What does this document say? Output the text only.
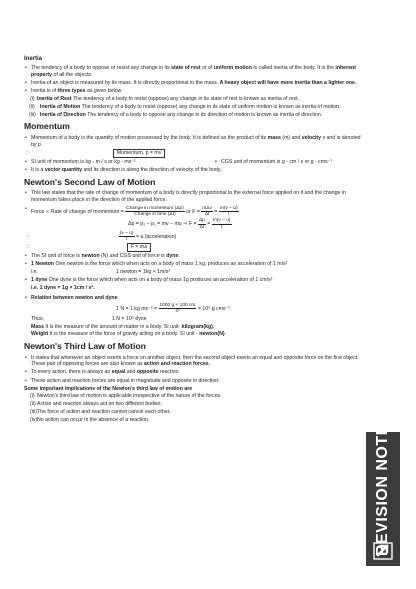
Inertia
• The tendency of a body to oppose or resist any change in its state of rest or of uniform motion is called inertia of the body. It is the inherent property of all the objects.
• Inertia of an object is measured by its mass. It is directly proportional to the mass. A heavy object will have more inertia than a lighter one.
• Inertia is of three types as given below
(i) Inertia of Rest The tendency of a body to resist (oppose) any change in its state of rest is known as inertia of rest.
(ii) Inertia of Motion The tendency of a body to resist (oppose) any change in its state of uniform motion is known as inertia of motion.
(iii) Inertia of Direction The tendency of a body to oppose any change in its direction of motion is known as inertia of direction.
Momentum
• Momentum of a body is the quantity of motion possessed by the body. It is defined as the product of its mass (m) and velocity v and is denoted by p.
∴	Momentum, p = mv
• SI unit of momentum is kg - m / s or kg - ms⁻¹
•	CGS unit of momentum is g - cm / s or g · cms⁻¹
• It is a vector quantity and its direction is along the direction of velocity of the body.
Newton's Second Law of Motion
• This law states that the rate of change of momentum of a body is directly proportional to the external force applied on it and the change in momentum takes place in the direction of the applied force.
• Force ∝ Rate of change of momentum = $\frac{\text{Change in momentum (Δp)}}{\text{Change in time (Δt)}}$ or $F = \frac{\text{mΔv}}{\Delta t} = \frac{m(v - u)}{t}$
Δp = p₂ − p₁ = mv − mu ⇒ $F = \frac{\Delta p}{\Delta t} = \frac{m(v - u)}{t}$
∵	$\frac{(v - u)}{t} = a$ (acceleration)
∴	F = ma
• The SI unit of force is newton (N) and CGS unit of force is dyne.
• 1 Newton One newton is the force which when acts on a body of mass 1 kg, produces an acceleration of 1 m/s²
i.e.	1 newton = 1kg × 1m/s²
• 1 dyne One dyne is the force which when acts on a body of mass 1g produces an acceleration of 1 cm/s²
i.e. 1 dyne = 1g × 1cm / s².
• Relation between newton and dyne
1 N = 1 kg $ms^{-2} = \frac{1000 g \times 100 cm}{\text{s²}} = 10^5$ g cms⁻²
Thus,	1 N = 10⁵ dyne
Mass It is the measure of the amount of matter in a body. SI unit- kilogram(kg).
Weight It is the measure of the force of gravity acting on a body. SI unit - newton(N).
Newton's Third Law of Motion
• It states that whenever an object exerts a force on another object, then the second object exerts an equal and opposite force on the first object. These pair of opposing forces are also known as action and reaction forces.
• To every action, there is always an equal and opposite reaction.
• These action and reaction forces are equal in magnitude and opposite in direction.
Some important implications of the Newton's third law of motion are
(i) Newton's third law of motion is applicable irrespective of the nature of the forces.
(ii) Action and reaction always act on two different bodies.
(iii) The force of action and reaction cannot cancel each other.
(iv) No action can occur in the absence of a reaction.	REVISION NOTES
